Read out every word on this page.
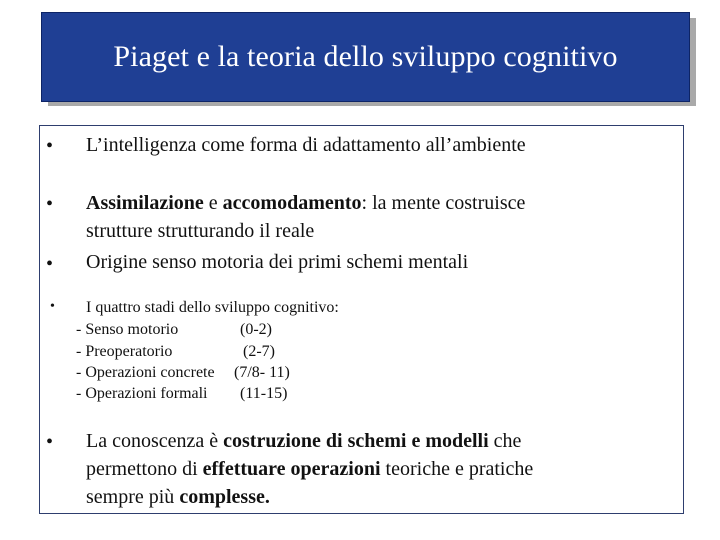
Piaget e la teoria dello sviluppo cognitivo
• L’intelligenza come forma di adattamento all’ambiente
• Assimilazione e accomodamento: la mente costruisce
strutture strutturando il reale
• Origine senso motoria dei primi schemi mentali
• I quattro stadi dello sviluppo cognitivo:
- Senso motorio	(0-2)
- Preoperatorio	(2-7)
- Operazioni concrete (7/8- 11)
- Operazioni formali (11-15)
• La conoscenza è costruzione di schemi e modelli che
permettono di effettuare operazioni teoriche e pratiche
sempre più complesse.
